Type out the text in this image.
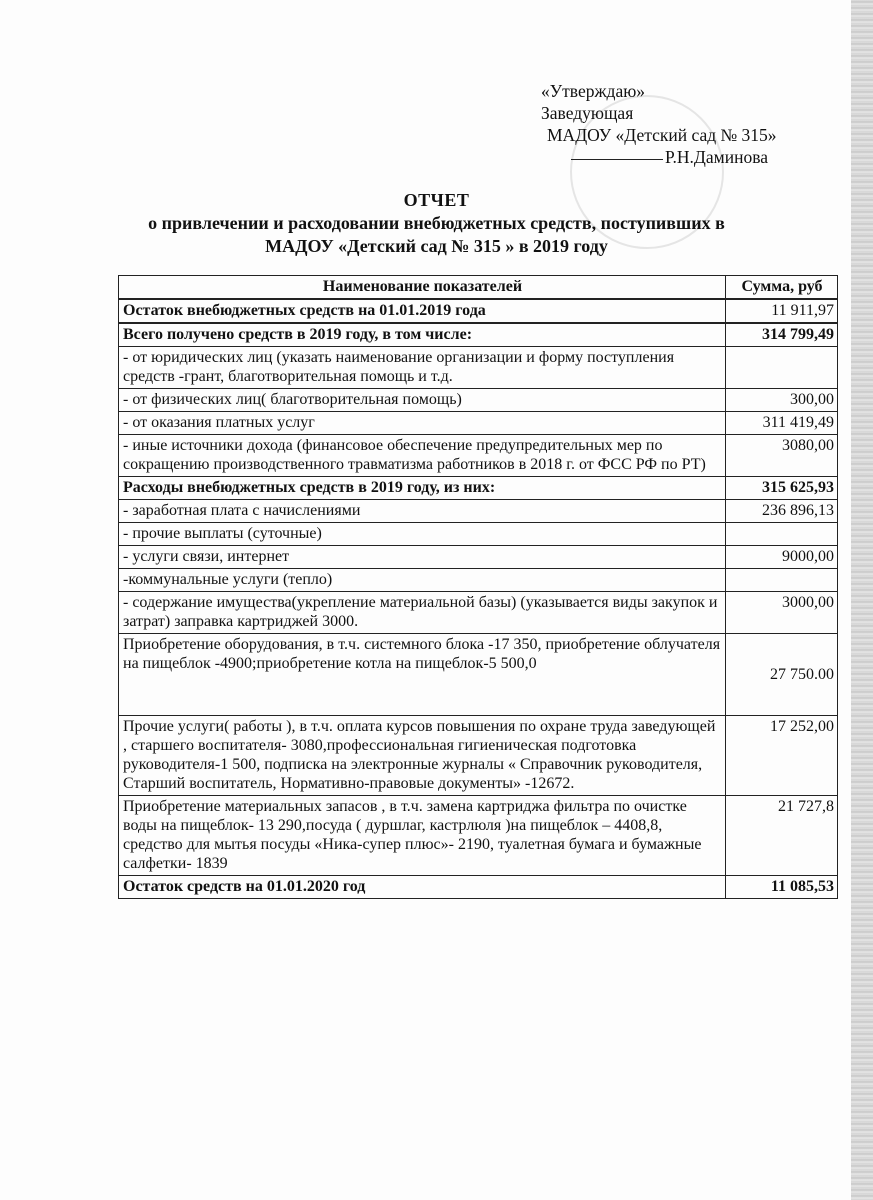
«Утверждаю»
Заведующая
МАДОУ «Детский сад № 315»
Р.Н.Даминова
ОТЧЕТ
о привлечении и расходовании внебюджетных средств, поступивших в
МАДОУ «Детский сад № 315 » в 2019 году
Наименование показателей	Сумма, руб
Остаток внебюджетных средств на 01.01.2019 года	11 911,97
Всего получено средств в 2019 году, в том числе:	314 799,49
- от юридических лиц (указать наименование организации и форму поступления средств -грант, благотворительная помощь и т.д.	
- от физических лиц( благотворительная помощь)	300,00
- от оказания платных услуг	311 419,49
- иные источники дохода (финансовое обеспечение предупредительных мер по сокращению производственного травматизма работников в 2018 г. от ФСС РФ по РТ)	3080,00
Расходы внебюджетных средств в 2019 году, из них:	315 625,93
- заработная плата с начислениями	236 896,13
- прочие выплаты (суточные)	
- услуги связи, интернет	9000,00
-коммунальные услуги (тепло)	
- содержание имущества(укрепление материальной базы) (указывается виды закупок и затрат) заправка картриджей 3000.	3000,00
Приобретение оборудования, в т.ч. системного блока -17 350, приобретение облучателя на пищеблок -4900;приобретение котла на пищеблок-5 500,0	27 750.00
Прочие услуги( работы ), в т.ч. оплата курсов повышения по охране труда заведующей , старшего воспитателя- 3080,профессиональная гигиеническая подготовка руководителя-1 500, подписка на электронные журналы « Справочник руководителя, Старший воспитатель, Нормативно-правовые документы» -12672.	17 252,00
Приобретение материальных запасов , в т.ч. замена картриджа фильтра по очистке воды на пищеблок- 13 290,посуда ( дуршлаг, кастрлюля )на пищеблок – 4408,8, средство для мытья посуды «Ника-супер плюс»- 2190, туалетная бумага и бумажные салфетки- 1839	21 727,8
Остаток средств на 01.01.2020 год	11 085,53
